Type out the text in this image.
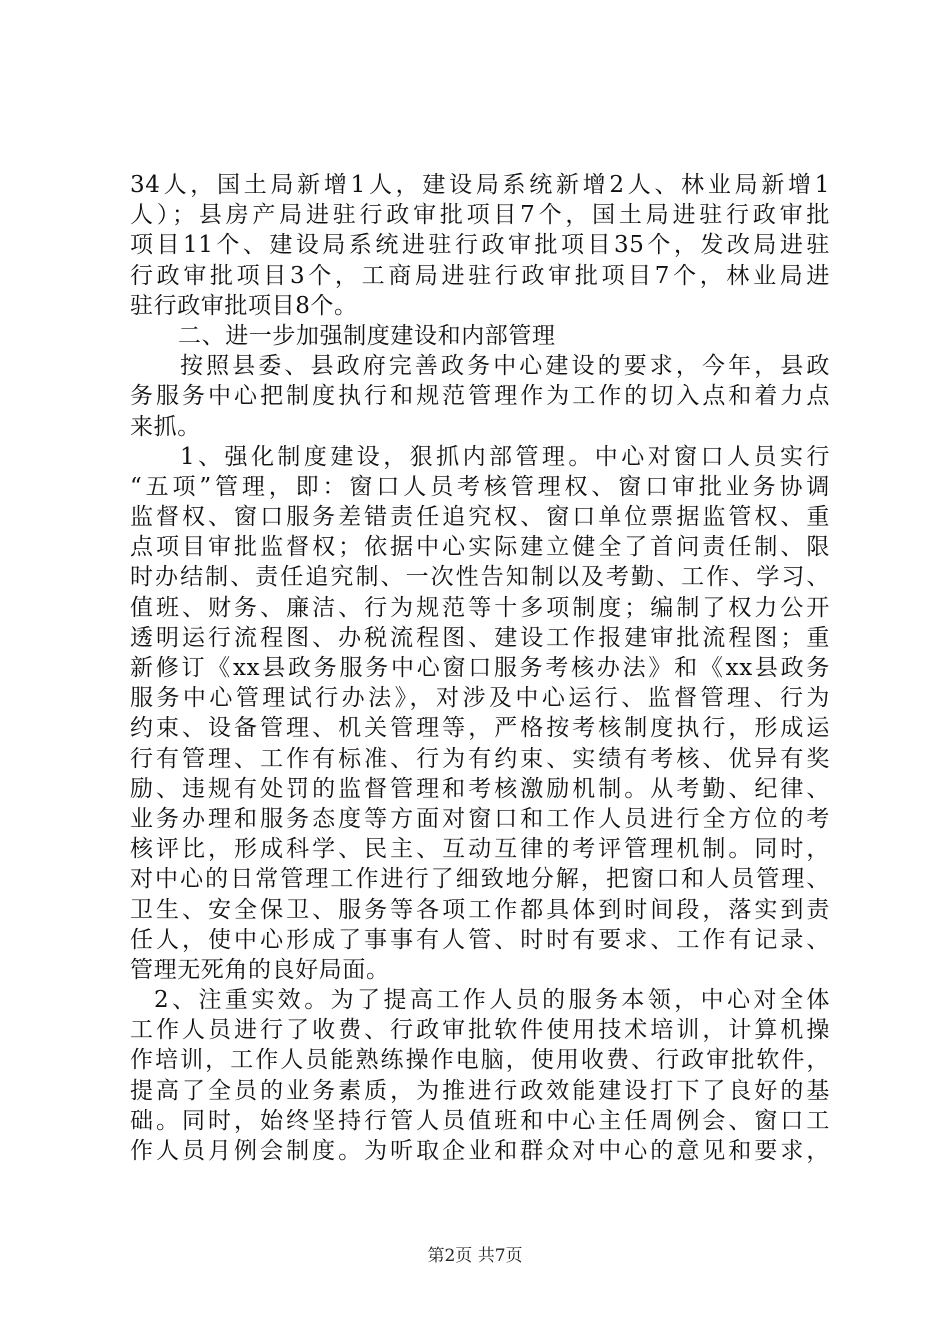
34人，国土局新增1人，建设局系统新增2人、林业局新增1
人）；县房产局进驻行政审批项目7个，国土局进驻行政审批
项目11个、建设局系统进驻行政审批项目35个，发改局进驻
行政审批项目3个，工商局进驻行政审批项目7个，林业局进
驻行政审批项目8个。
二、进一步加强制度建设和内部管理
按照县委、县政府完善政务中心建设的要求，今年，县政
务服务中心把制度执行和规范管理作为工作的切入点和着力点
来抓。
1、强化制度建设，狠抓内部管理。中心对窗口人员实行
“五项”管理，即：窗口人员考核管理权、窗口审批业务协调
监督权、窗口服务差错责任追究权、窗口单位票据监管权、重
点项目审批监督权；依据中心实际建立健全了首问责任制、限
时办结制、责任追究制、一次性告知制以及考勤、工作、学习、
值班、财务、廉洁、行为规范等十多项制度；编制了权力公开
透明运行流程图、办税流程图、建设工作报建审批流程图；重
新修订《xx县政务服务中心窗口服务考核办法》和《xx县政务
服务中心管理试行办法》，对涉及中心运行、监督管理、行为
约束、设备管理、机关管理等，严格按考核制度执行，形成运
行有管理、工作有标准、行为有约束、实绩有考核、优异有奖
励、违规有处罚的监督管理和考核激励机制。从考勤、纪律、
业务办理和服务态度等方面对窗口和工作人员进行全方位的考
核评比，形成科学、民主、互动互律的考评管理机制。同时，
对中心的日常管理工作进行了细致地分解，把窗口和人员管理、
卫生、安全保卫、服务等各项工作都具体到时间段，落实到责
任人，使中心形成了事事有人管、时时有要求、工作有记录、
管理无死角的良好局面。
2、注重实效。为了提高工作人员的服务本领，中心对全体
工作人员进行了收费、行政审批软件使用技术培训，计算机操
作培训，工作人员能熟练操作电脑，使用收费、行政审批软件，
提高了全员的业务素质，为推进行政效能建设打下了良好的基
础。同时，始终坚持行管人员值班和中心主任周例会、窗口工
作人员月例会制度。为听取企业和群众对中心的意见和要求，
第2页 共7页
